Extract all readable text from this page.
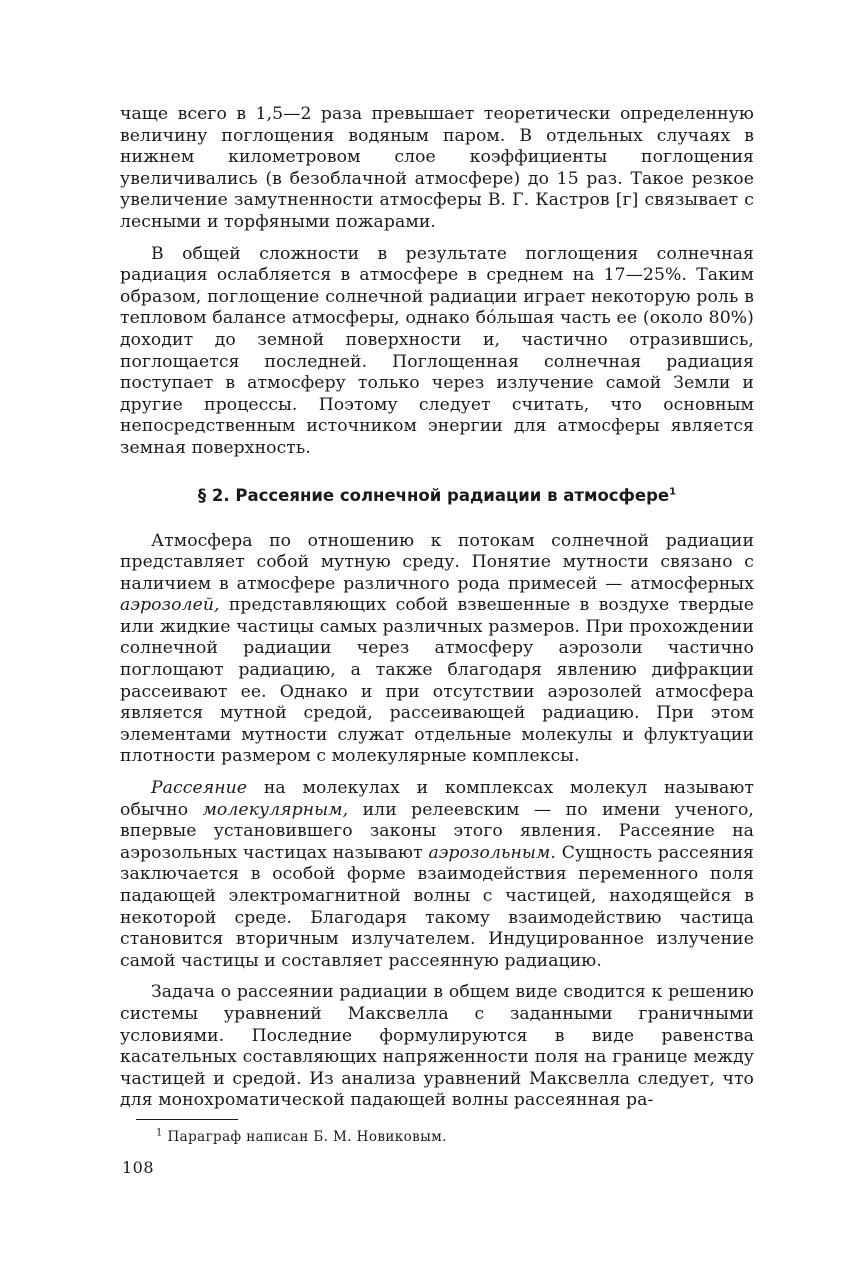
чаще всего в 1,5—2 раза превышает теоретически определенную величину поглощения водяным паром. В отдельных случаях в нижнем километровом слое коэффициенты поглощения увеличивались (в безоблачной атмосфере) до 15 раз. Такое резкое увеличение замутненности атмосферы В. Г. Кастров [г] связывает с лесными и торфяными пожарами.

В общей сложности в результате поглощения солнечная радиация ослабляется в атмосфере в среднем на 17—25%. Таким образом, поглощение солнечной радиации играет некоторую роль в тепловом балансе атмосферы, однако бóльшая часть ее (около 80%) доходит до земной поверхности и, частично отразившись, поглощается последней. Поглощенная солнечная радиация поступает в атмосферу только через излучение самой Земли и другие процессы. Поэтому следует считать, что основным непосредственным источником энергии для атмосферы является земная поверхность.

§ 2. Рассеяние солнечной радиации в атмосфере$^1$

Атмосфера по отношению к потокам солнечной радиации представляет собой мутную среду. Понятие мутности связано с наличием в атмосфере различного рода примесей — атмосферных аэрозолей, представляющих собой взвешенные в воздухе твердые или жидкие частицы самых различных размеров. При прохождении солнечной радиации через атмосферу аэрозоли частично поглощают радиацию, а также благодаря явлению дифракции рассеивают ее. Однако и при отсутствии аэрозолей атмосфера является мутной средой, рассеивающей радиацию. При этом элементами мутности служат отдельные молекулы и флуктуации плотности размером с молекулярные комплексы.

Рассеяние на молекулах и комплексах молекул называют обычно молекулярным, или релеевским — по имени ученого, впервые установившего законы этого явления. Рассеяние на аэрозольных частицах называют аэрозольным. Сущность рассеяния заключается в особой форме взаимодействия переменного поля падающей электромагнитной волны с частицей, находящейся в некоторой среде. Благодаря такому взаимодействию частица становится вторичным излучателем. Индуцированное излучение самой частицы и составляет рассеянную радиацию.

Задача о рассеянии радиации в общем виде сводится к решению системы уравнений Максвелла с заданными граничными условиями. Последние формулируются в виде равенства касательных составляющих напряженности поля на границе между частицей и средой. Из анализа уравнений Максвелла следует, что для монохроматической падающей волны рассеянная ра-

$^1$ Параграф написан Б. М. Новиковым.
108
